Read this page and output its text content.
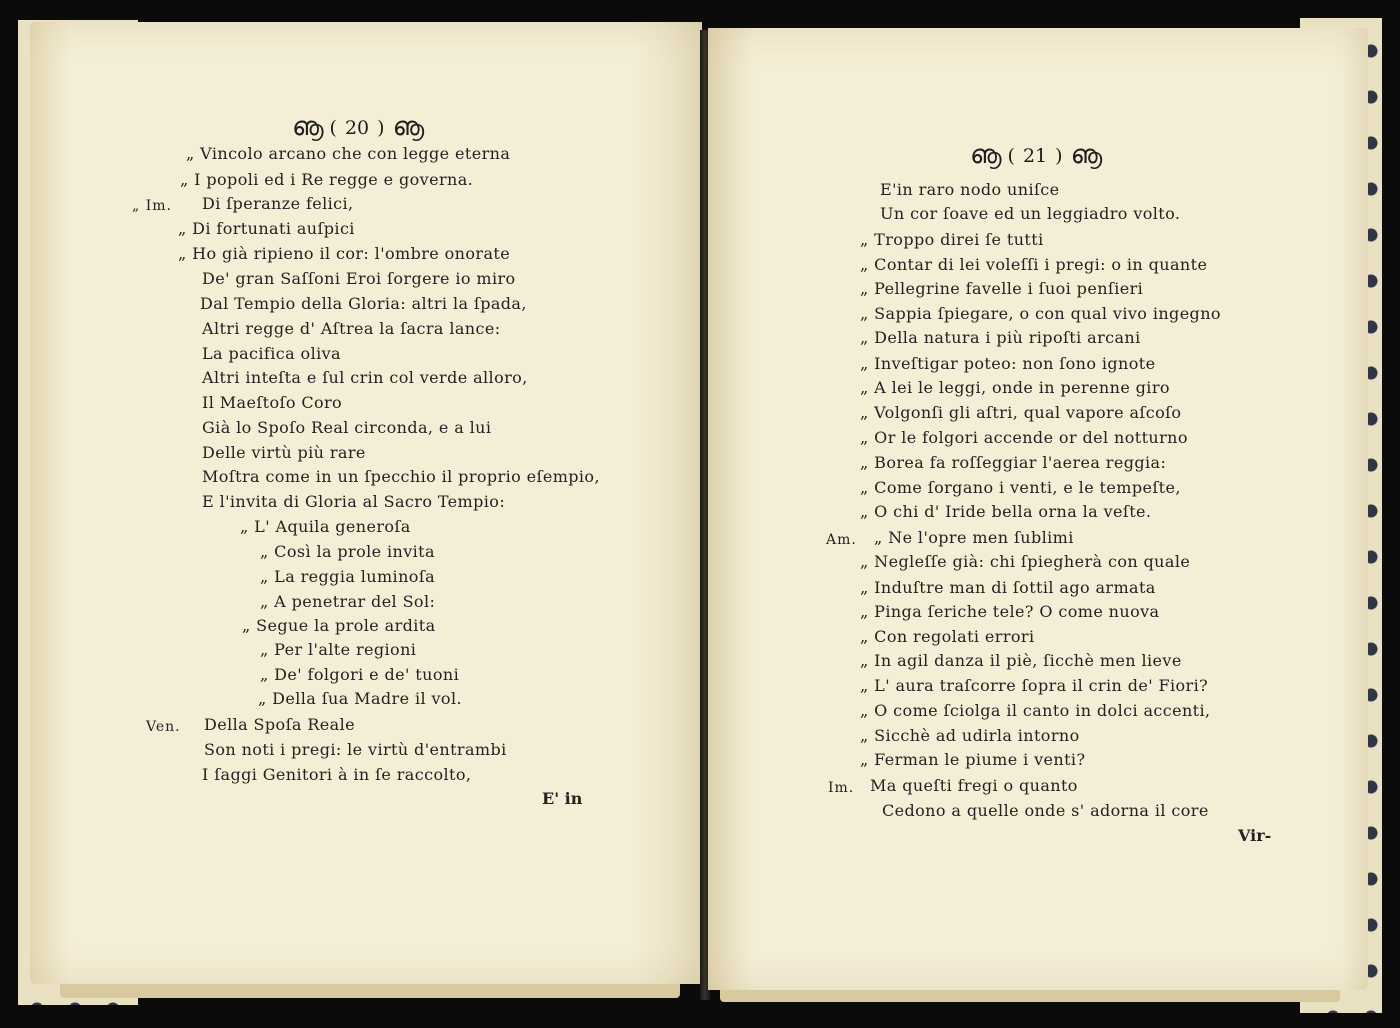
ൡ ( 20 ) ൡ
„ Im.
Ven.
„ Vincolo arcano che con legge eterna
„ I popoli ed i Re regge e governa.
Di ſperanze felici,
„ Di fortunati auſpici
„ Ho già ripieno il cor: l'ombre onorate
De' gran Saſſoni Eroi ſorgere io miro
Dal Tempio della Gloria: altri la ſpada,
Altri regge d' Aſtrea la ſacra lance:
La pacifica oliva
Altri inteſta e ſul crin col verde alloro,
Il Maeſtoſo Coro
Già lo Spoſo Real circonda, e a lui
Delle virtù più rare
Moſtra come in un ſpecchio il proprio eſempio,
E l'invita di Gloria al Sacro Tempio:
„ L' Aquila generoſa
„ Così la prole invita
„ La reggia luminoſa
„ A penetrar del Sol:
„ Segue la prole ardita
„ Per l'alte regioni
„ De' folgori e de' tuoni
„ Della ſua Madre il vol.
Della Spoſa Reale
Son noti i pregi: le virtù d'entrambi
I ſaggi Genitori à in ſe raccolto,
E' in
ൡ ( 21 ) ൡ
Am.
Im.
E'in raro nodo uniſce
Un cor ſoave ed un leggiadro volto.
„ Troppo direi ſe tutti
„ Contar di lei voleſſi i pregi: o in quante
„ Pellegrine favelle i ſuoi penſieri
„ Sappia ſpiegare, o con qual vivo ingegno
„ Della natura i più ripoſti arcani
„ Inveſtigar poteo: non ſono ignote
„ A lei le leggi, onde in perenne giro
„ Volgonſi gli aſtri, qual vapore aſcoſo
„ Or le folgori accende or del notturno
„ Borea fa roſſeggiar l'aerea reggia:
„ Come ſorgano i venti, e le tempeſte,
„ O chi d' Iride bella orna la veſte.
„ Ne l'opre men ſublimi
„ Negleſſe già: chi ſpiegherà con quale
„ Induſtre man di ſottil ago armata
„ Pinga ſeriche tele? O come nuova
„ Con regolati errori
„ In agil danza il piè, ſicchè men lieve
„ L' aura traſcorre ſopra il crin de' Fiori?
„ O come ſciolga il canto in dolci accenti,
„ Sicchè ad udirla intorno
„ Ferman le piume i venti?
Ma queſti fregi o quanto
Cedono a quelle onde s' adorna il core
Vir-
